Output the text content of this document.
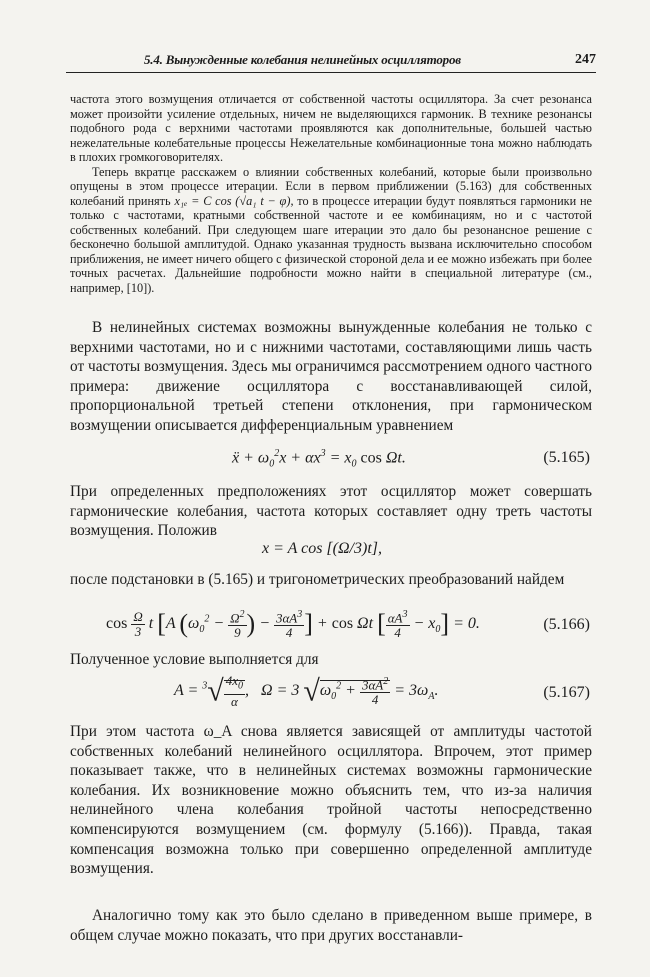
5.4. Вынужденные колебания нелинейных осцилляторов	247

частота этого возмущения отличается от собственной частоты осциллятора. За счет резонанса может произойти усиление отдельных, ничем не выделяющихся гармоник. В технике резонансы подобного рода с верхними частотами проявляются как дополнительные, большей частью нежелательные колебательные процессы Нежелательные комбинационные тона можно наблюдать в плохих громкоговорителях.

Теперь вкратце расскажем о влиянии собственных колебаний, которые были произвольно опущены в этом процессе итерации. Если в первом приближении (5.163) для собственных колебаний принять x₁ₑ = C cos (√a₁ t − φ), то в процессе итерации будут появляться гармоники не только с частотами, кратными собственной частоте и ее комбинациям, но и с частотой собственных колебаний. При следующем шаге итерации это дало бы резонансное решение с бесконечно большой амплитудой. Однако указанная трудность вызвана исключительно способом приближения, не имеет ничего общего с физической стороной дела и ее можно избежать при более точных расчетах. Дальнейшие подробности можно найти в специальной литературе (см., например, [10]).

В нелинейных системах возможны вынужденные колебания не только с верхними частотами, но и с нижними частотами, составляющими лишь часть от частоты возмущения. Здесь мы ограничимся рассмотрением одного частного примера: движение осциллятора с восстанавливающей силой, пропорциональной третьей степени отклонения, при гармоническом возмущении описывается дифференциальным уравнением

ẍ + $\omega_0^2x + \alpha x^3 = x_0$ cos Ωt.	(5.165)

При определенных предположениях этот осциллятор может совершать гармонические колебания, частота которых составляет одну треть частоты возмущения. Положив

x = A cos [(Ω/3)t],

после подстановки в (5.165) и тригонометрических преобразований найдем

$\cos \frac{\Omega}{3}$ t [A ($\omega_0^2 - \frac{\Omega^2}{9}$ ) − $\frac{3\alpha A^3}{4}$ ] + cos Ωt [ $\frac{\alpha A^3}{4} - x_0] = 0$.	(5.166)

Полученное условие выполняется для

$A = ^3√ \frac{4x_0}{\alpha}$ ,   Ω = 3 $√\omega_0^2 + \frac{3\alpha A^2}{4} = 3\omega_A$.	(5.167)

При этом частота ω_A снова является зависящей от амплитуды частотой собственных колебаний нелинейного осциллятора. Впрочем, этот пример показывает также, что в нелинейных системах возможны гармонические колебания. Их возникновение можно объяснить тем, что из-за наличия нелинейного члена колебания тройной частоты непосредственно компенсируются возмущением (см. формулу (5.166)). Правда, такая компенсация возможна только при совершенно определенной амплитуде возмущения.

Аналогично тому как это было сделано в приведенном выше примере, в общем случае можно показать, что при других восстанавли-
